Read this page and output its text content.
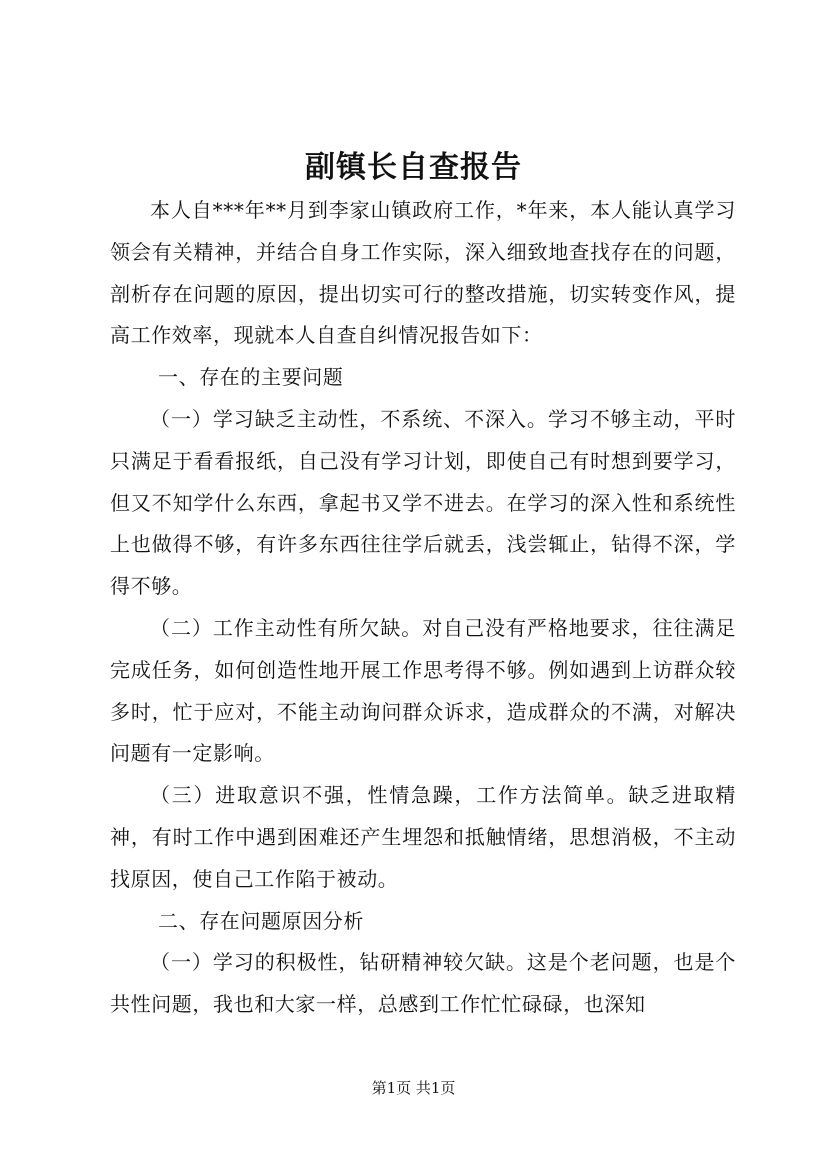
副镇长自查报告

本人自***年**月到李家山镇政府工作，*年来，本人能认真学习领会有关精神，并结合自身工作实际，深入细致地查找存在的问题，剖析存在问题的原因，提出切实可行的整改措施，切实转变作风，提高工作效率，现就本人自查自纠情况报告如下：

一、存在的主要问题

（一）学习缺乏主动性，不系统、不深入。学习不够主动，平时只满足于看看报纸，自己没有学习计划，即使自己有时想到要学习，但又不知学什么东西，拿起书又学不进去。在学习的深入性和系统性上也做得不够，有许多东西往往学后就丢，浅尝辄止，钻得不深，学得不够。

（二）工作主动性有所欠缺。对自己没有严格地要求，往往满足完成任务，如何创造性地开展工作思考得不够。例如遇到上访群众较多时，忙于应对，不能主动询问群众诉求，造成群众的不满，对解决问题有一定影响。

（三）进取意识不强，性情急躁，工作方法简单。缺乏进取精神，有时工作中遇到困难还产生埋怨和抵触情绪，思想消极，不主动找原因，使自己工作陷于被动。

二、存在问题原因分析

（一）学习的积极性，钻研精神较欠缺。这是个老问题，也是个共性问题，我也和大家一样，总感到工作忙忙碌碌，也深知

第1页 共1页
